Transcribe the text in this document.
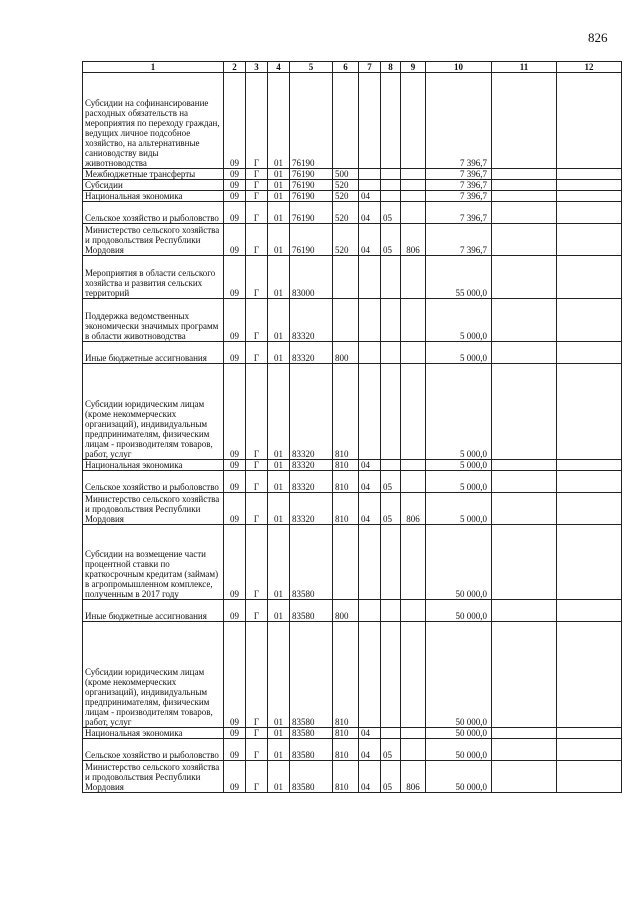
826
1	2	3	4	5	6	7	8	9	10	11	12
Субсидии на софинансирование расходных обязательств на мероприятия по переходу граждан, ведущих личное подсобное хозяйство, на альтернативные саниоводству виды животноводства	09	Г	01	76190					7 396,7		
Межбюджетные трансферты	09	Г	01	76190	500				7 396,7		
Субсидии	09	Г	01	76190	520				7 396,7		
Национальная экономика	09	Г	01	76190	520	04			7 396,7		
Сельское хозяйство и рыболовство	09	Г	01	76190	520	04	05		7 396,7		
Министерство сельского хозяйства и продовольствия Республики Мордовия	09	Г	01	76190	520	04	05	806	7 396,7		
Мероприятия в области сельского хозяйства и развития сельских территорий	09	Г	01	83000					55 000,0		
Поддержка ведомственных экономически значимых программ в области животноводства	09	Г	01	83320					5 000,0		
Иные бюджетные ассигнования	09	Г	01	83320	800				5 000,0		
Субсидии юридическим лицам (кроме некоммерческих организаций), индивидуальным предпринимателям, физическим лицам - производителям товаров, работ, услуг	09	Г	01	83320	810				5 000,0		
Национальная экономика	09	Г	01	83320	810	04			5 000,0		
Сельское хозяйство и рыболовство	09	Г	01	83320	810	04	05		5 000,0		
Министерство сельского хозяйства и продовольствия Республики Мордовия	09	Г	01	83320	810	04	05	806	5 000,0		
Субсидии на возмещение части процентной ставки по краткосрочным кредитам (займам) в агропромышленном комплексе, полученным в 2017 году	09	Г	01	83580					50 000,0		
Иные бюджетные ассигнования	09	Г	01	83580	800				50 000,0		
Субсидии юридическим лицам (кроме некоммерческих организаций), индивидуальным предпринимателям, физическим лицам - производителям товаров, работ, услуг	09	Г	01	83580	810				50 000,0		
Национальная экономика	09	Г	01	83580	810	04			50 000,0		
Сельское хозяйство и рыболовство	09	Г	01	83580	810	04	05		50 000,0		
Министерство сельского хозяйства и продовольствия Республики Мордовия	09	Г	01	83580	810	04	05	806	50 000,0		
